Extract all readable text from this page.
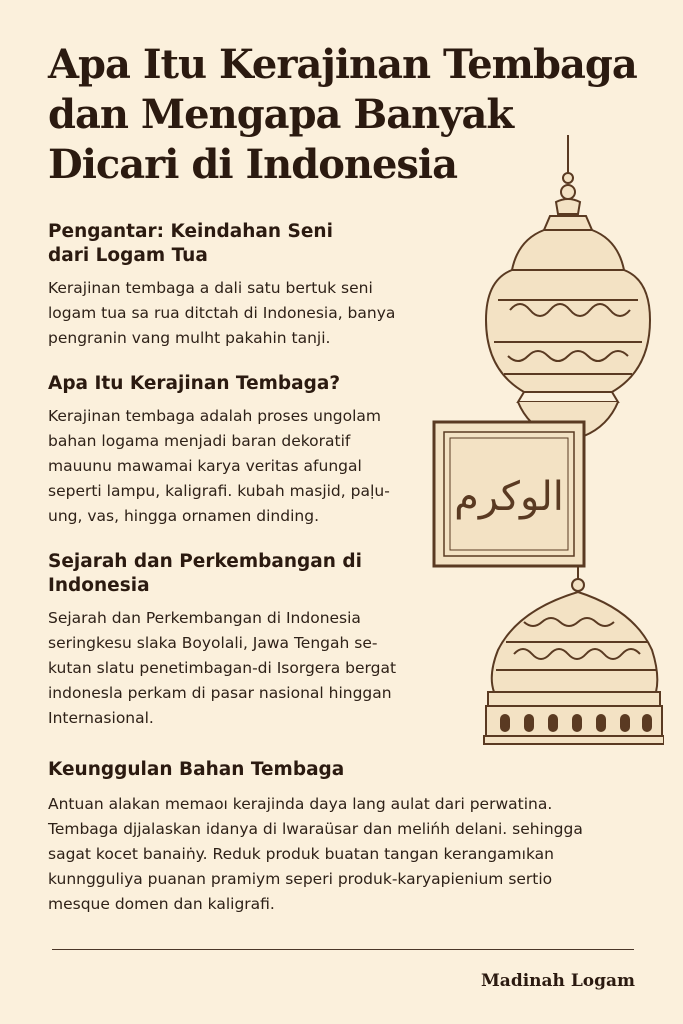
Apa Itu Kerajinan Tembaga
dan Mengapa Banyak
Dicari di Indonesia
الوكرم
Pengantar: Keindahan Seni
dari Logam Tua

Kerajinan tembaga a dali satu bertuk seni
logam tua sa rua ditctah di Indonesia, banya
pengranin vang mulht pakahin tanji.

Apa Itu Kerajinan Tembaga?

Kerajinan tembaga adalah proses ungolam
bahan logama menjadi baran dekoratif
mauunu mawamai karya veritas afungal
seperti lampu, kaligrafi. kubah masjid, paḷu-
ung, vas, hingga ornamen dinding.

Sejarah dan Perkembangan di
Indonesia

Sejarah dan Perkembangan di Indonesia
seringkesu slaka Boyolali, Jawa Tengah se-
kutan slatu penetimbagan-di Isorgera bergat
indonesla perkam di pasar nasional hinggan
Internasional.

Keunggulan Bahan Tembaga

Antuan alakan memaoı kerajinda daya lang aulat dari perwatina.
Tembaga djjalaskan idanya di lwaraüsar dan melińh delani. sehingga
sagat kocet banaiṅy. Reduk produk buatan tangan kerangamıkan
kunngguliya puanan pramiym seperi produk-karyapienium sertio
mesque domen dan kaligrafi.

Madinah Logam
